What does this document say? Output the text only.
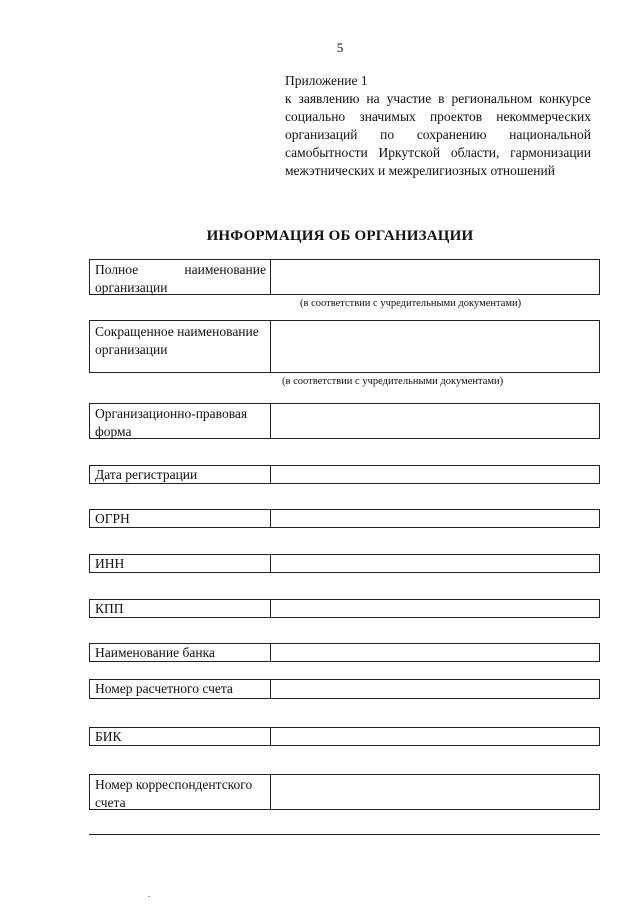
5
Приложение 1
к заявлению на участие в региональном конкурсе социально значимых проектов некоммерческих организаций по сохранению национальной самобытности Иркутской области, гармонизации межэтнических и межрелигиозных отношений
ИНФОРМАЦИЯ ОБ ОРГАНИЗАЦИИ
Полное наименование организации
(в соответствии с учредительными документами)
Сокращенное наименование организации
(в соответствии с учредительными документами)
Организационно-правовая форма
Дата регистрации
ОГРН
ИНН
КПП
Наименование банка
Номер расчетного счета
БИК
Номер корреспондентского счета
